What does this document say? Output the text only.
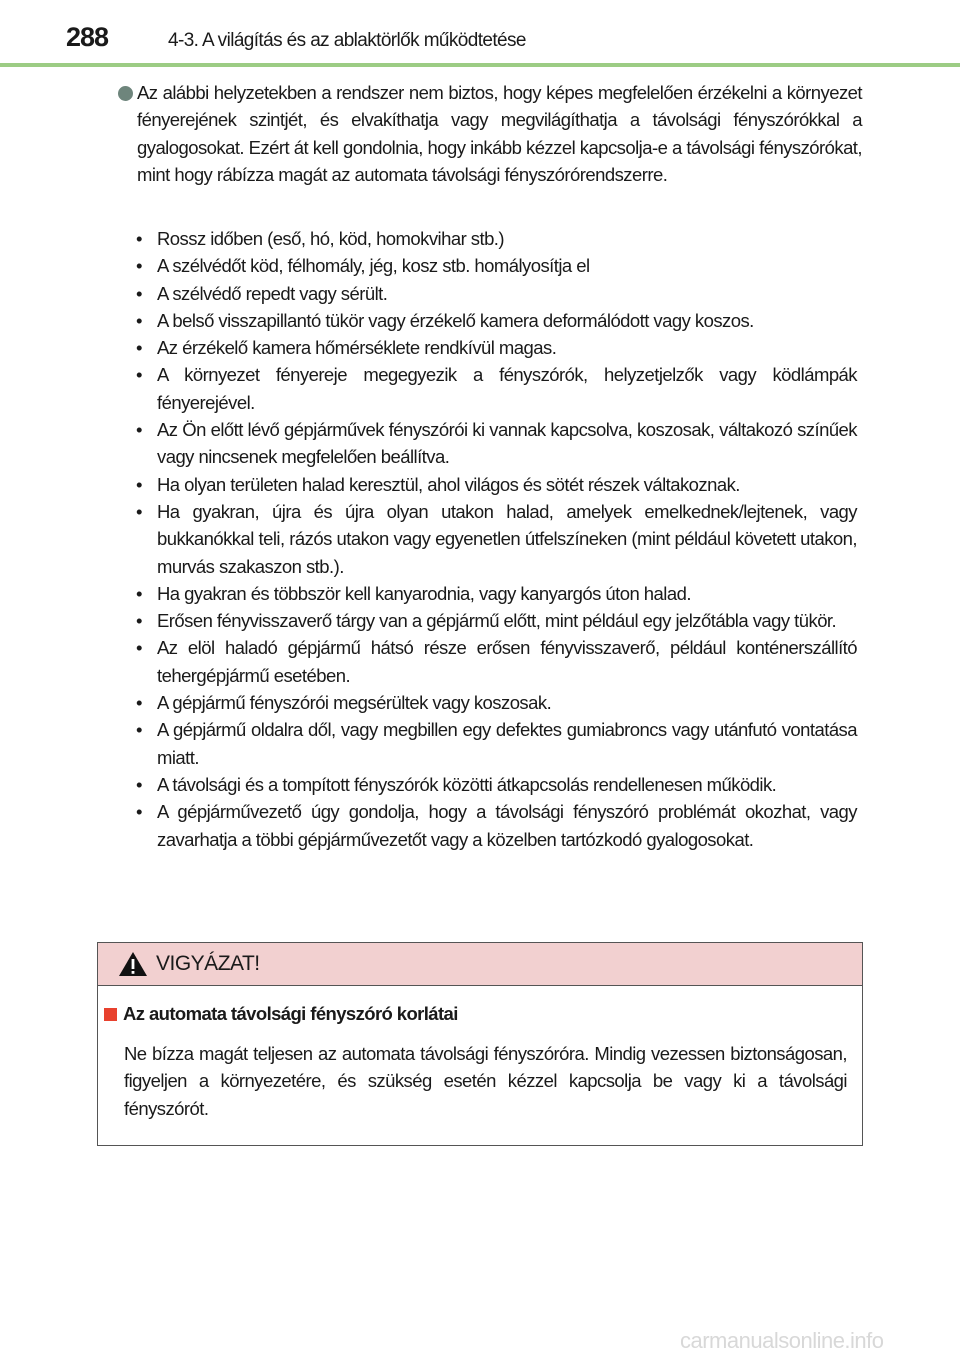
288	4-3. A világítás és az ablaktörlők működtetése
Az alábbi helyzetekben a rendszer nem biztos, hogy képes megfelelően érzékelni a környezet fényerejének szintjét, és elvakíthatja vagy megvilágíthatja a távolsági fényszórókkal a gyalogosokat. Ezért át kell gondolnia, hogy inkább kézzel kapcsolja-e a távolsági fényszórókat, mint hogy rábízza magát az automata távolsági fényszórórendszerre.
• Rossz időben (eső, hó, köd, homokvihar stb.)
• A szélvédőt köd, félhomály, jég, kosz stb. homályosítja el
• A szélvédő repedt vagy sérült.
• A belső visszapillantó tükör vagy érzékelő kamera deformálódott vagy koszos.
• Az érzékelő kamera hőmérséklete rendkívül magas.
• A környezet fényereje megegyezik a fényszórók, helyzetjelzők vagy ködlámpák fényerejével.
• Az Ön előtt lévő gépjárművek fényszórói ki vannak kapcsolva, koszosak, váltakozó színűek vagy nincsenek megfelelően beállítva.
• Ha olyan területen halad keresztül, ahol világos és sötét részek váltakoznak.
• Ha gyakran, újra és újra olyan utakon halad, amelyek emelkednek/lejtenek, vagy bukkanókkal teli, rázós utakon vagy egyenetlen útfelszíneken (mint például követett utakon, murvás szakaszon stb.).
• Ha gyakran és többször kell kanyarodnia, vagy kanyargós úton halad.
• Erősen fényvisszaverő tárgy van a gépjármű előtt, mint például egy jelzőtábla vagy tükör.
• Az elöl haladó gépjármű hátsó része erősen fényvisszaverő, például konténerszállító tehergépjármű esetében.
• A gépjármű fényszórói megsérültek vagy koszosak.
• A gépjármű oldalra dől, vagy megbillen egy defektes gumiabroncs vagy utánfutó vontatása miatt.
• A távolsági és a tompított fényszórók közötti átkapcsolás rendellenesen működik.
• A gépjárművezető úgy gondolja, hogy a távolsági fényszóró problémát okozhat, vagy zavarhatja a többi gépjárművezetőt vagy a közelben tartózkodó gyalogosokat.
VIGYÁZAT!
Az automata távolsági fényszóró korlátai
Ne bízza magát teljesen az automata távolsági fényszóróra. Mindig vezessen biztonságosan, figyeljen a környezetére, és szükség esetén kézzel kapcsolja be vagy ki a távolsági fényszórót.
carmanualsonline.info
